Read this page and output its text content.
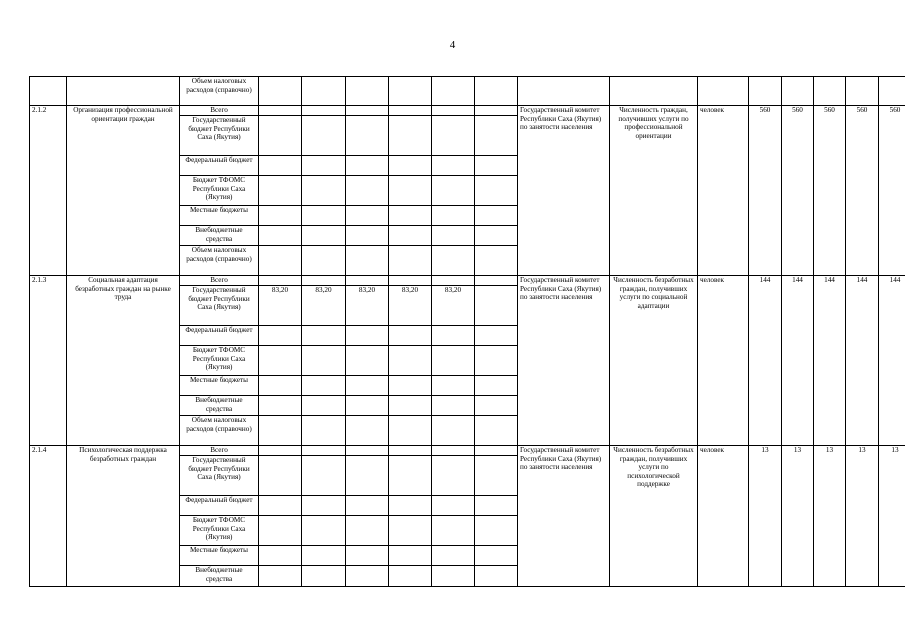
4
		Объем налоговых расходов (справочно)														
2.1.2	Организация профессиональной ориентации граждан	Всего							Государственный комитет Республики Саха (Якутия) по занятости населения	Численность граждан, получивших услуги по профессиональной ориентации	человек	560	560	560	560	560
		Государственный бюджет Республики Саха (Якутия)														
		Федеральный бюджет														
		Бюджет ТФОМС Республики Саха (Якутия)														
		Местные бюджеты														
		Внебюджетные средства														
		Объем налоговых расходов (справочно)														
2.1.3	Социальная адаптация безработных граждан на рынке труда	Всего							Государственный комитет Республики Саха (Якутия) по занятости населения	Численность безработных граждан, получивших услуги по социальной адаптации	человек	144	144	144	144	144
		Государственный бюджет Республики Саха (Якутия)	83,20	83,20	83,20	83,20	83,20									
		Федеральный бюджет														
		Бюджет ТФОМС Республики Саха (Якутия)														
		Местные бюджеты														
		Внебюджетные средства														
		Объем налоговых расходов (справочно)														
2.1.4	Психологическая поддержка безработных граждан	Всего							Государственный комитет Республики Саха (Якутия) по занятости населения	Численность безработных граждан, получивших услуги по психологической поддержке	человек	13	13	13	13	13
		Государственный бюджет Республики Саха (Якутия)														
		Федеральный бюджет														
		Бюджет ТФОМС Республики Саха (Якутия)														
		Местные бюджеты														
		Внебюджетные средства														
